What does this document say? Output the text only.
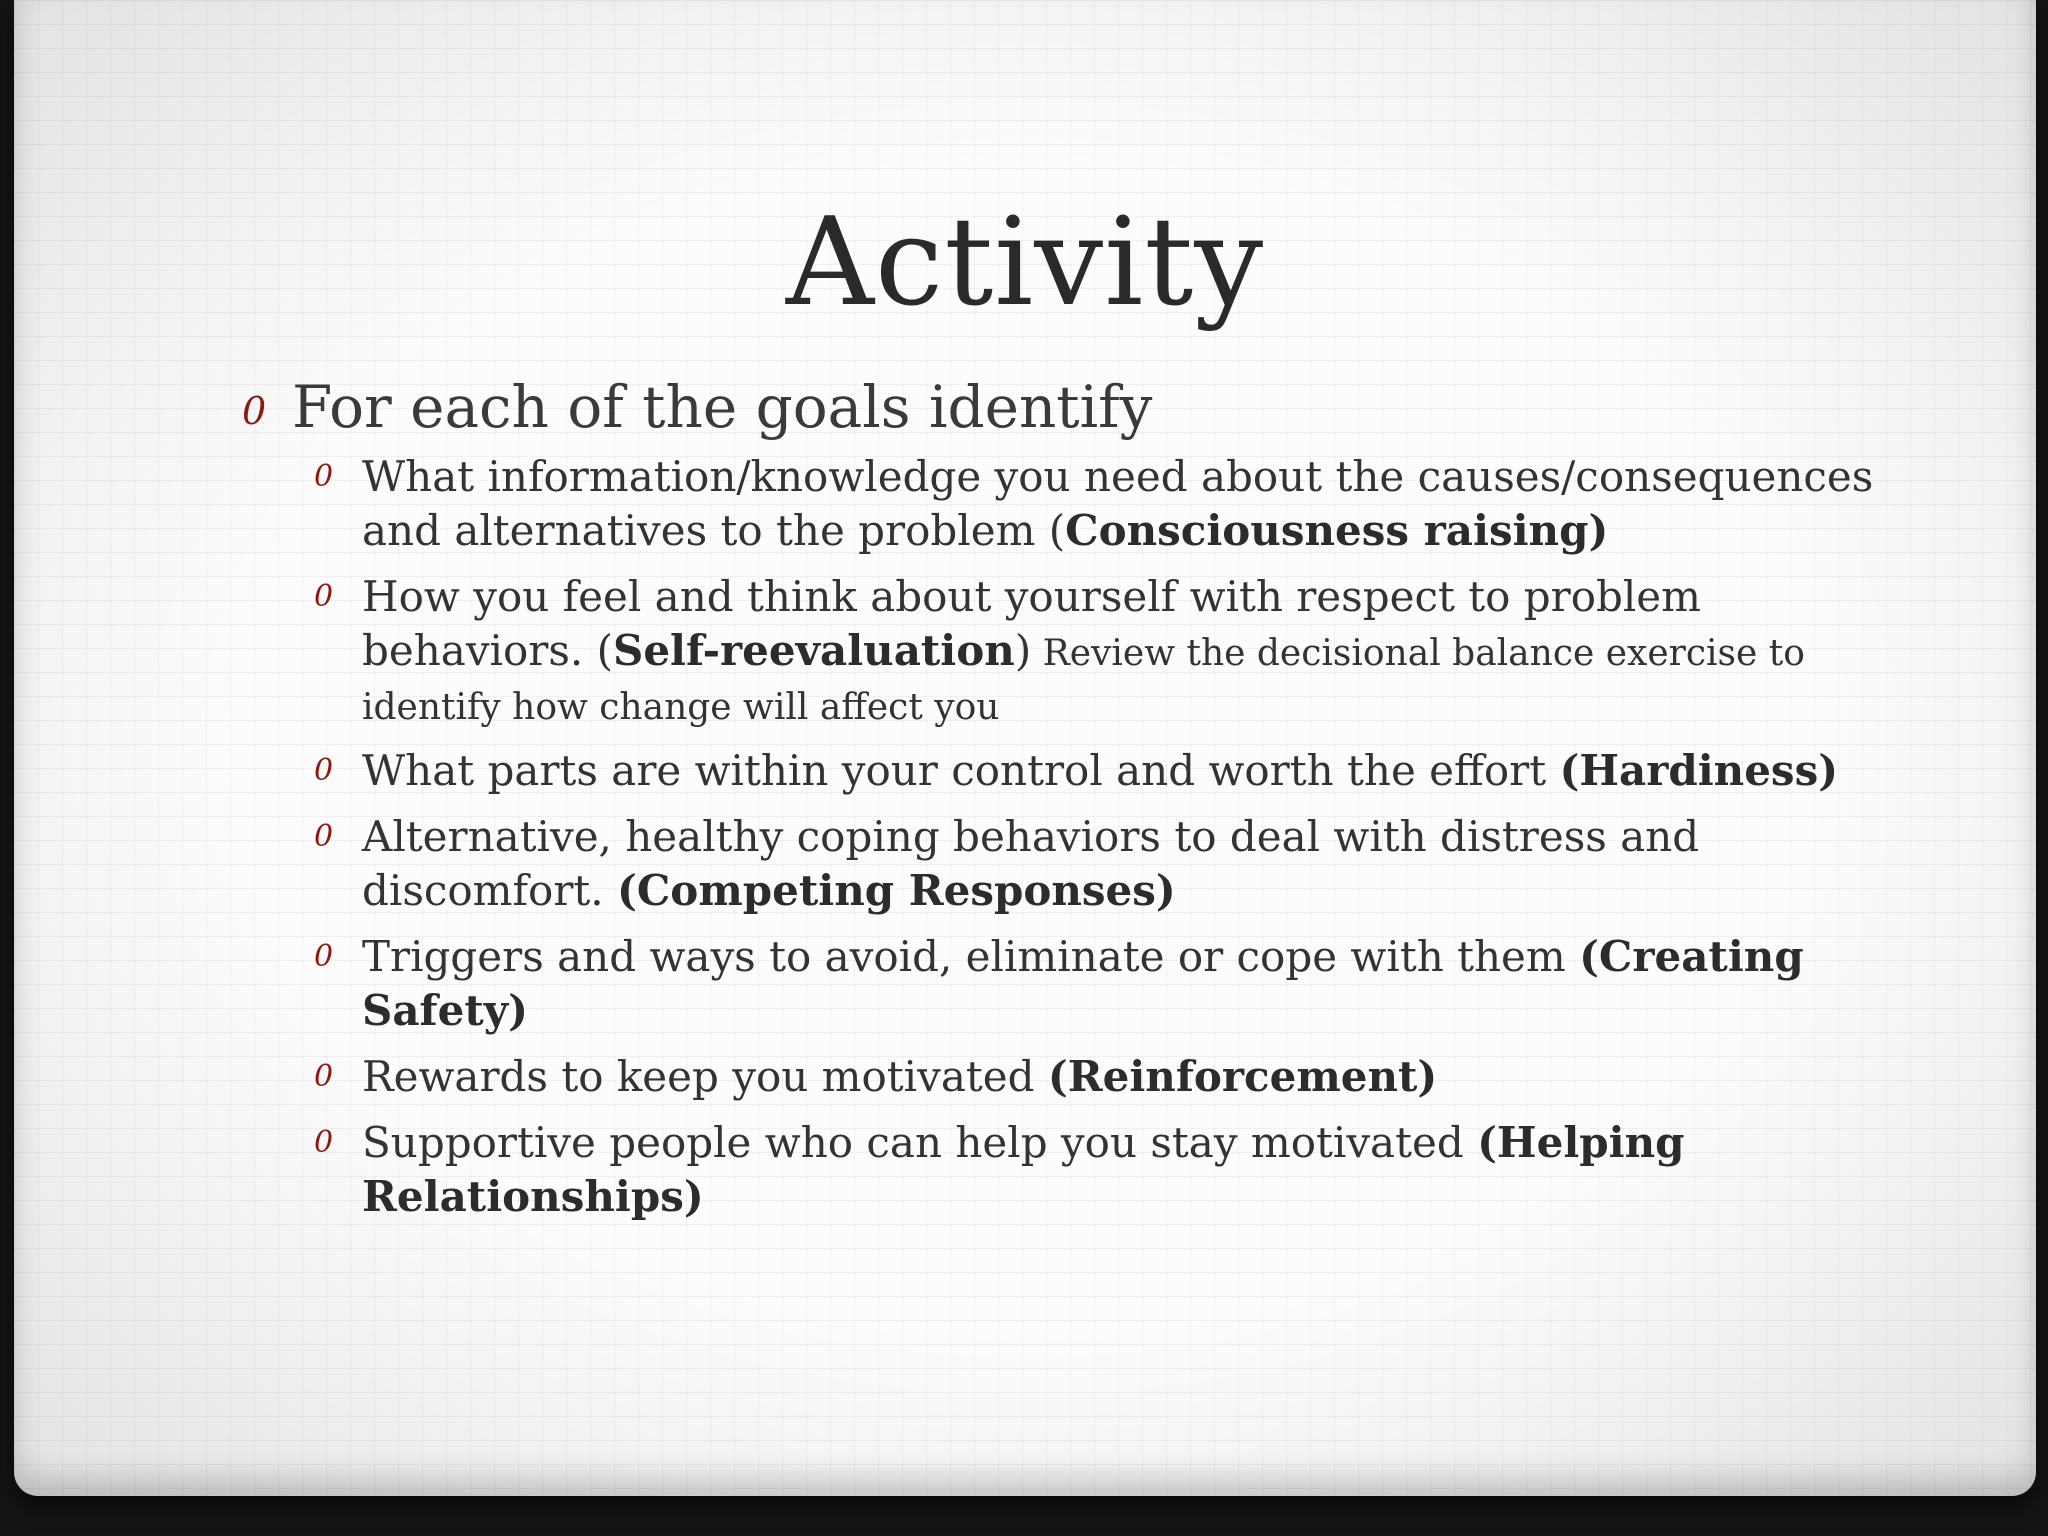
Activity
0 For each of the goals identify
0 What information/knowledge you need about the causes/consequences and alternatives to the problem (Consciousness raising)
0 How you feel and think about yourself with respect to problem behaviors. (Self-reevaluation) Review the decisional balance exercise to identify how change will affect you
0 What parts are within your control and worth the effort (Hardiness)
0 Alternative, healthy coping behaviors to deal with distress and discomfort. (Competing Responses)
0 Triggers and ways to avoid, eliminate or cope with them (Creating Safety)
0 Rewards to keep you motivated (Reinforcement)
0 Supportive people who can help you stay motivated (Helping Relationships)
